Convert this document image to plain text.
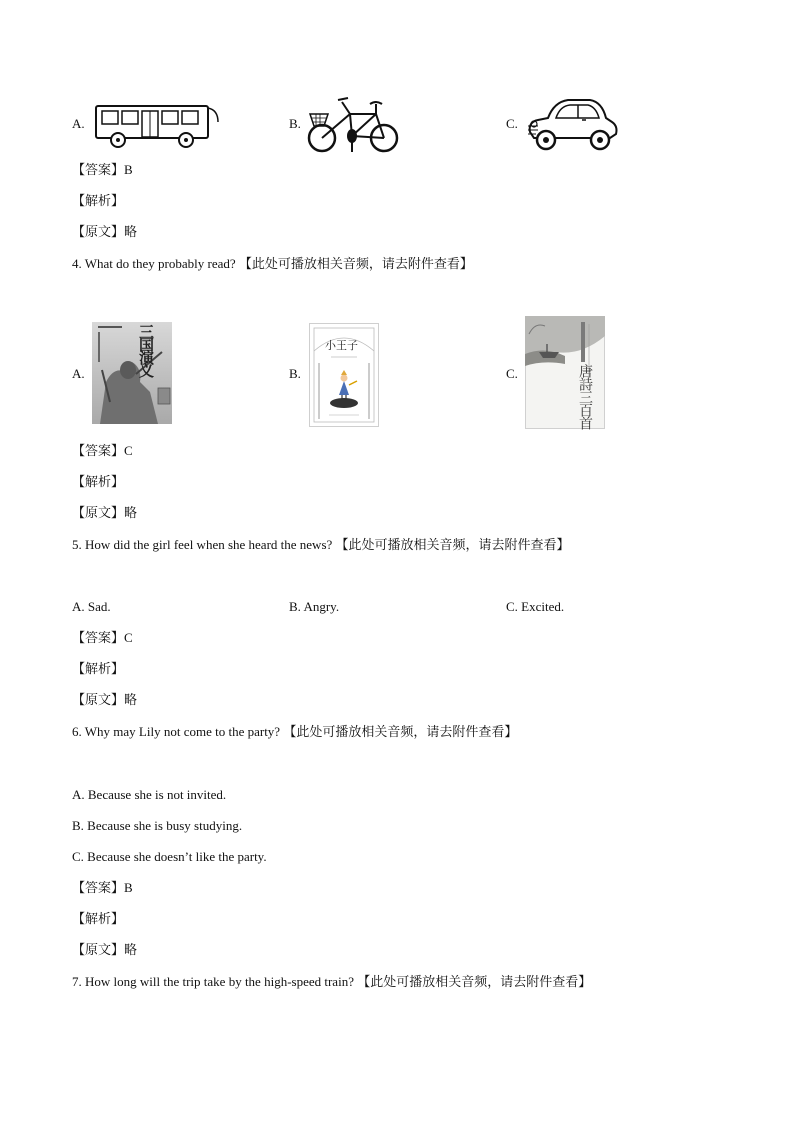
A.	B.	C.
【答案】B
【解析】
【原文】略
4. What do they probably read? 【此处可播放相关音频，请去附件查看】
A.	三国演义	B.
小王子
C.	唐詩三百首
【答案】C
【解析】
【原文】略
5. How did the girl feel when she heard the news? 【此处可播放相关音频，请去附件查看】
A. Sad.	B. Angry.	C. Excited.
【答案】C
【解析】
【原文】略
6. Why may Lily not come to the party? 【此处可播放相关音频，请去附件查看】
A. Because she is not invited.
B. Because she is busy studying.
C. Because she doesn’t like the party.
【答案】B
【解析】
【原文】略
7. How long will the trip take by the high-speed train? 【此处可播放相关音频，请去附件查看】
